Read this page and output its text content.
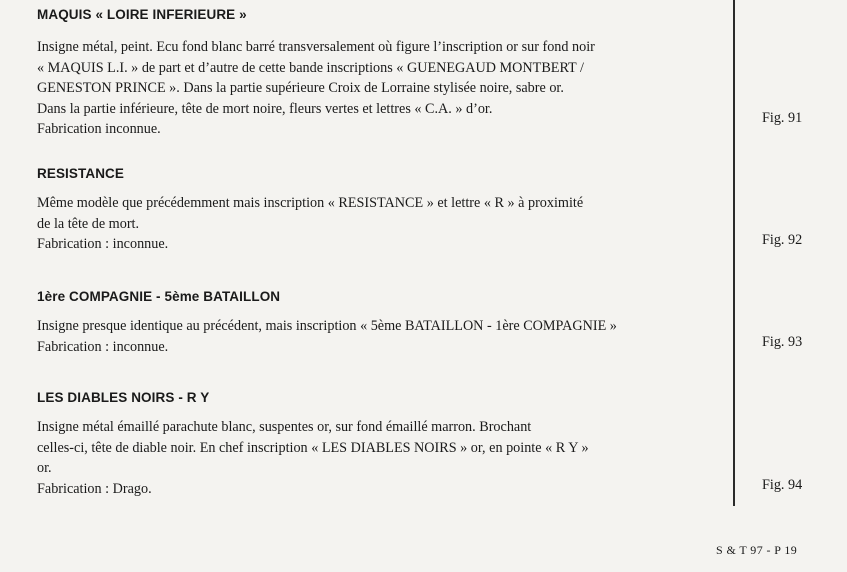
MAQUIS « LOIRE INFERIEURE »
Insigne métal, peint. Ecu fond blanc barré transversalement où figure l’inscription or sur fond noir
« MAQUIS L.I. » de part et d’autre de cette bande inscriptions « GUENEGAUD MONTBERT /
GENESTON PRINCE ». Dans la partie supérieure Croix de Lorraine stylisée noire, sabre or.
Dans la partie inférieure, tête de mort noire, fleurs vertes et lettres « C.A. » d’or.
Fabrication inconnue.
Fig. 91
RESISTANCE
Même modèle que précédemment mais inscription « RESISTANCE » et lettre « R » à proximité
de la tête de mort.
Fabrication : inconnue.	Fig. 92
1ère COMPAGNIE - 5ème BATAILLON
Insigne presque identique au précédent, mais inscription « 5ème BATAILLON - 1ère COMPAGNIE »
Fabrication : inconnue.	Fig. 93
LES DIABLES NOIRS - R Y
Insigne métal émaillé parachute blanc, suspentes or, sur fond émaillé marron. Brochant
celles-ci, tête de diable noir. En chef inscription « LES DIABLES NOIRS » or, en pointe « R Y »
or.
Fabrication : Drago.	Fig. 94
S & T 97 - P 19
